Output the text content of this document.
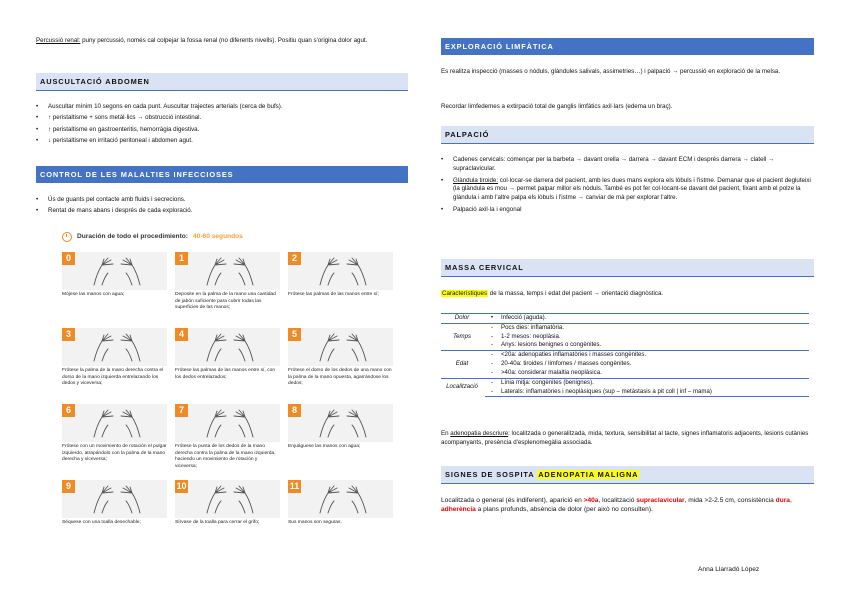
Percussió renal: puny percussió, només cal colpejar la fossa renal (no diferents nivells). Positiu quan s'origina dolor agut.

AUSCULTACIÓ ABDOMEN
• Auscultar mínim 10 segons en cada punt. Auscultar trajectes arterials (cerca de bufs).
• ↑ peristaltisme + sons metàl·lics → obstrucció intestinal.
• ↑ peristaltisme en gastroenteritis, hemorràgia digestiva.
• ↓ peristaltisme en irritació peritoneal i abdomen agut.
CONTROL DE LES MALALTIES INFECCIOSES
• Ús de guants pel contacte amb fluids i secrecions.
• Rentat de mans abans i després de cada exploració.
Duración de todo el procedimiento: 40-60 segundos
0
Mójese las manos con agua;
1
Deposite en la palma de la mano una cantidad de jabón suficiente para cubrir todas las superficies de las manos;
2
Frótese las palmas de las manos entre sí;
3
Frótese la palma de la mano derecha contra el dorso de la mano izquierda entrelazando los dedos y viceversa;
4
Frótese las palmas de las manos entre sí, con los dedos entrelazados;
5
Frótese el dorso de los dedos de una mano con la palma de la mano opuesta, agarrándose los dedos;
6
Frótese con un movimiento de rotación el pulgar izquierdo, atrapándolo con la palma de la mano derecha y viceversa;
7
Frótese la punta de los dedos de la mano derecha contra la palma de la mano izquierda, haciendo un movimiento de rotación y viceversa;
8
Enjuáguese las manos con agua;
9
Séquese con una toalla desechable;
10
Sírvase de la toalla para cerrar el grifo;
11
Sus manos son seguras.
EXPLORACIÓ LIMFÀTICA

Es realitza inspecció (masses o nòduls, glàndules salivals, assimetries…) i palpació → percussió en exploració de la melsa.

Recordar limfedemes a extirpació total de ganglis limfàtics axil·lars (edema un braç).

PALPACIÓ
• Cadenes cervicals: començar per la barbeta → davant orella → darrera → davant ECM i després darrera → clatell → supraclavicular.
• Glàndula tiroide: col·locar-se darrera del pacient, amb les dues mans explora els lòbuls i l'istme. Demanar que el pacient degluteixi (la glàndula es mou → permet palpar millor els nòduls. També es pot fer col·locant-se davant del pacient, fixant amb el polze la glàndula i amb l'altre palpa els lòbuls i l'istme → canviar de mà per explorar l'altre.
• Palpació axil·la i engonal
MASSA CERVICAL

Característiques de la massa, temps i edat del pacient → orientació diagnòstica.

Dolor	•	Infecció (aguda).
Temps	-	Pocs dies: inflamatòria.
	-	1-2 mesos: neoplàsia.
	-	Anys: lesions benignes o congènites.
Edat	-	<20a: adenopaties inflamatòries i masses congènites.
	-	20-40a: tiroides / limfomes / masses congènites.
	-	>40a: considerar malaltia neoplàsica.
Localització	-	Línia mitja: congènites (benignes).
	-	Laterals: inflamatòries i neoplàsiques (sup – metàstasis a pit coll | inf – mama)

En adenopatia descriure: localitzada o generalitzada, mida, textura, sensibilitat al tacte, signes inflamatoris adjacents, lesions cutànies acompanyants, presència d'esplenomegàlia associada.

SIGNES DE SOSPITA ADENOPATIA MALIGNA

Localitzada o general (és indiferent), aparició en >40a, localització supraclavicular, mida >2-2.5 cm, consistència dura, adherència a plans profunds, absència de dolor (per això no consulten).

Anna Llarradó López
